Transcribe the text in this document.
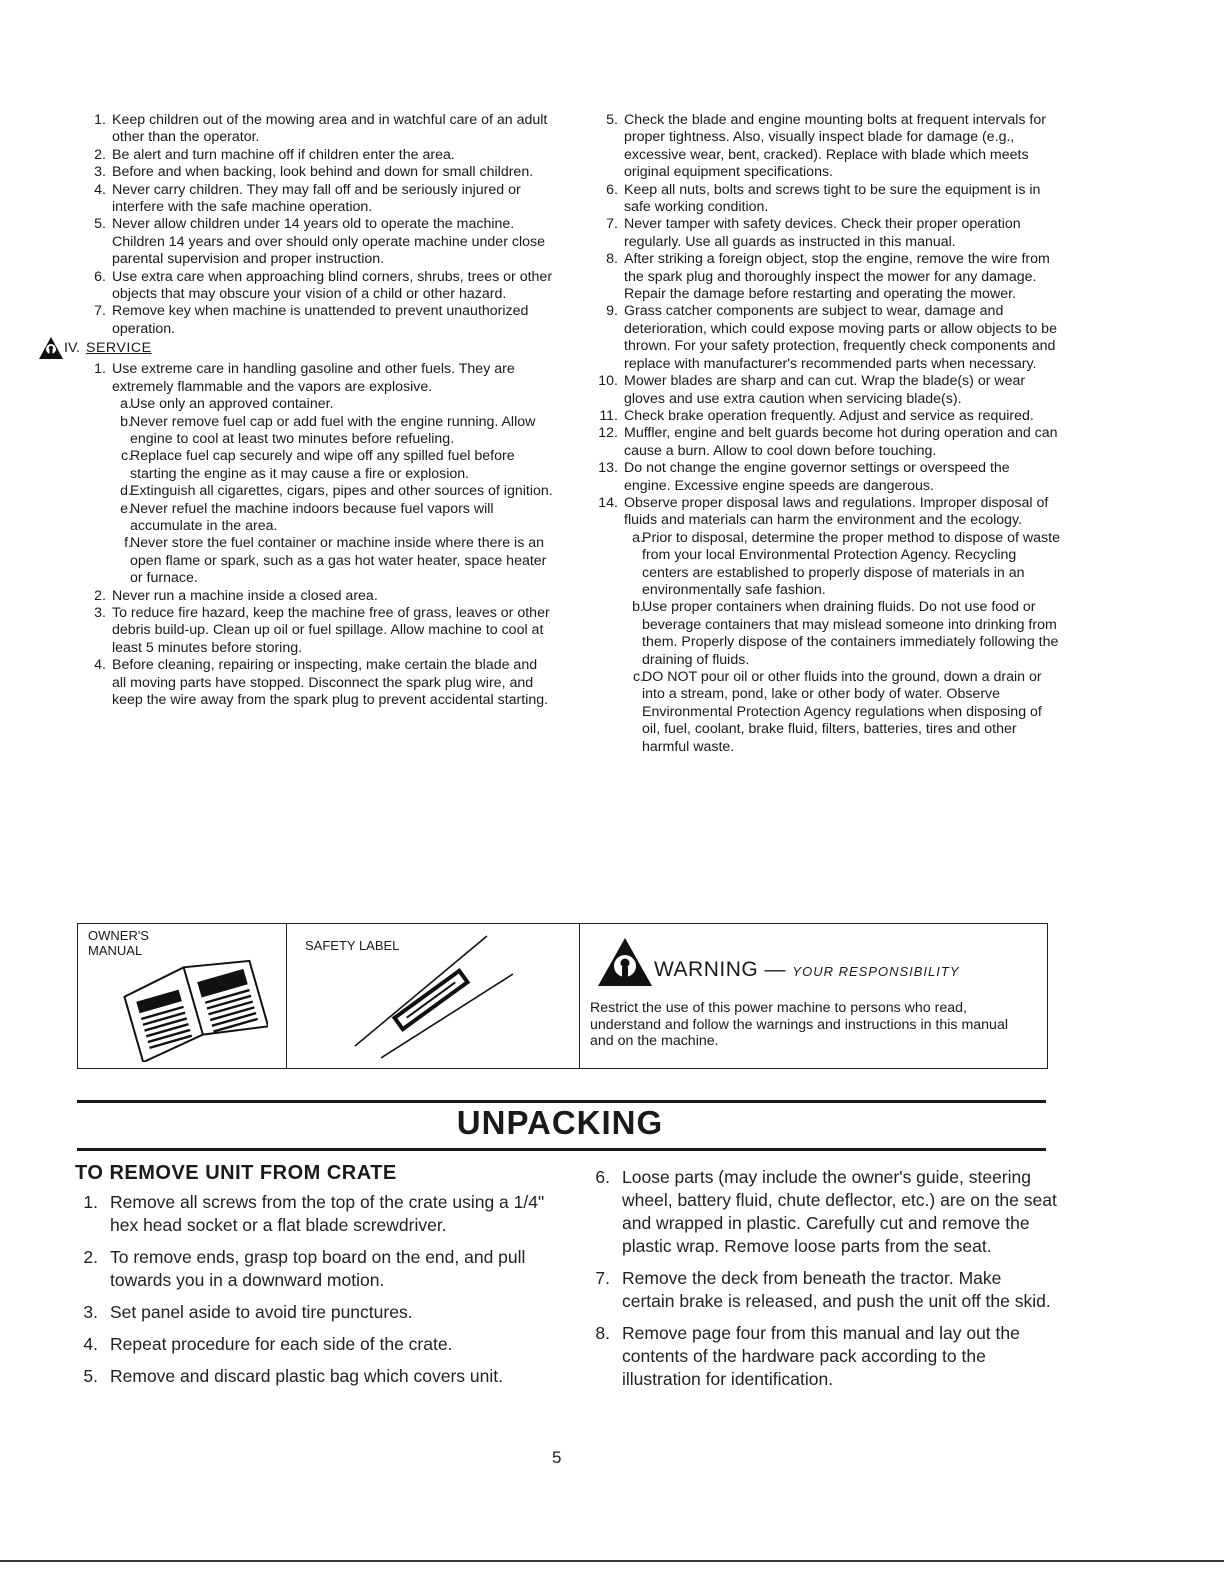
1. Keep children out of the mowing area and in watchful care of an adult other than the operator.
2. Be alert and turn machine off if children enter the area.
3. Before and when backing, look behind and down for small children.
4. Never carry children. They may fall off and be seriously injured or interfere with the safe machine operation.
5. Never allow children under 14 years old to operate the machine. Children 14 years and over should only operate machine under close parental supervision and proper instruction.
6. Use extra care when approaching blind corners, shrubs, trees or other objects that may obscure your vision of a child or other hazard.
7. Remove key when machine is unattended to prevent unauthorized operation.
IV. SERVICE
1. Use extreme care in handling gasoline and other fuels. They are extremely flammable and the vapors are explosive.
a.
Use only an approved container.
b.
Never remove fuel cap or add fuel with the engine running. Allow engine to cool at least two minutes before refueling.
c.
Replace fuel cap securely and wipe off any spilled fuel before starting the engine as it may cause a fire or explosion.
d.
Extinguish all cigarettes, cigars, pipes and other sources of ignition.
e.
Never refuel the machine indoors because fuel vapors will accumulate in the area.
f.
Never store the fuel container or machine inside where there is an open flame or spark, such as a gas hot water heater, space heater or furnace.
2. Never run a machine inside a closed area.
3. To reduce fire hazard, keep the machine free of grass, leaves or other debris build-up. Clean up oil or fuel spillage. Allow machine to cool at least 5 minutes before storing.
4. Before cleaning, repairing or inspecting, make certain the blade and all moving parts have stopped. Disconnect the spark plug wire, and keep the wire away from the spark plug to prevent accidental starting.
5. Check the blade and engine mounting bolts at frequent intervals for proper tightness. Also, visually inspect blade for damage (e.g., excessive wear, bent, cracked). Replace with blade which meets original equipment specifications.
6. Keep all nuts, bolts and screws tight to be sure the equipment is in safe working condition.
7. Never tamper with safety devices. Check their proper operation regularly. Use all guards as instructed in this manual.
8. After striking a foreign object, stop the engine, remove the wire from the spark plug and thoroughly inspect the mower for any damage. Repair the damage before restarting and operating the mower.
9. Grass catcher components are subject to wear, damage and deterioration, which could expose moving parts or allow objects to be thrown. For your safety protection, frequently check components and replace with manufacturer's recommended parts when necessary.
10. Mower blades are sharp and can cut. Wrap the blade(s) or wear gloves and use extra caution when servicing blade(s).
11. Check brake operation frequently. Adjust and service as required.
12. Muffler, engine and belt guards become hot during operation and can cause a burn. Allow to cool down before touching.
13. Do not change the engine governor settings or overspeed the engine. Excessive engine speeds are dangerous.
14. Observe proper disposal laws and regulations. Improper disposal of fluids and materials can harm the environment and the ecology.
a.
Prior to disposal, determine the proper method to dispose of waste from your local Environmental Protection Agency. Recycling centers are established to properly dispose of materials in an environmentally safe fashion.
b.
Use proper containers when draining fluids. Do not use food or beverage containers that may mislead someone into drinking from them. Properly dispose of the containers immediately following the draining of fluids.
c.
DO NOT pour oil or other fluids into the ground, down a drain or into a stream, pond, lake or other body of water. Observe Environmental Protection Agency regulations when disposing of oil, fuel, coolant, brake fluid, filters, batteries, tires and other harmful waste.
OWNER'S MANUAL	SAFETY LABEL
WARNING — YOUR RESPONSIBILITY
Restrict the use of this power machine to persons who read, understand and follow the warnings and instructions in this manual and on the machine.
UNPACKING
TO REMOVE UNIT FROM CRATE
1. Remove all screws from the top of the crate using a 1/4" hex head socket or a flat blade screwdriver.
2. To remove ends, grasp top board on the end, and pull towards you in a downward motion.
3. Set panel aside to avoid tire punctures.
4. Repeat procedure for each side of the crate.
5. Remove and discard plastic bag which covers unit.
6. Loose parts (may include the owner's guide, steering wheel, battery fluid, chute deflector, etc.) are on the seat and wrapped in plastic. Carefully cut and remove the plastic wrap. Remove loose parts from the seat.
7. Remove the deck from beneath the tractor. Make certain brake is released, and push the unit off the skid.
8. Remove page four from this manual and lay out the contents of the hardware pack according to the illustration for identification.
5
